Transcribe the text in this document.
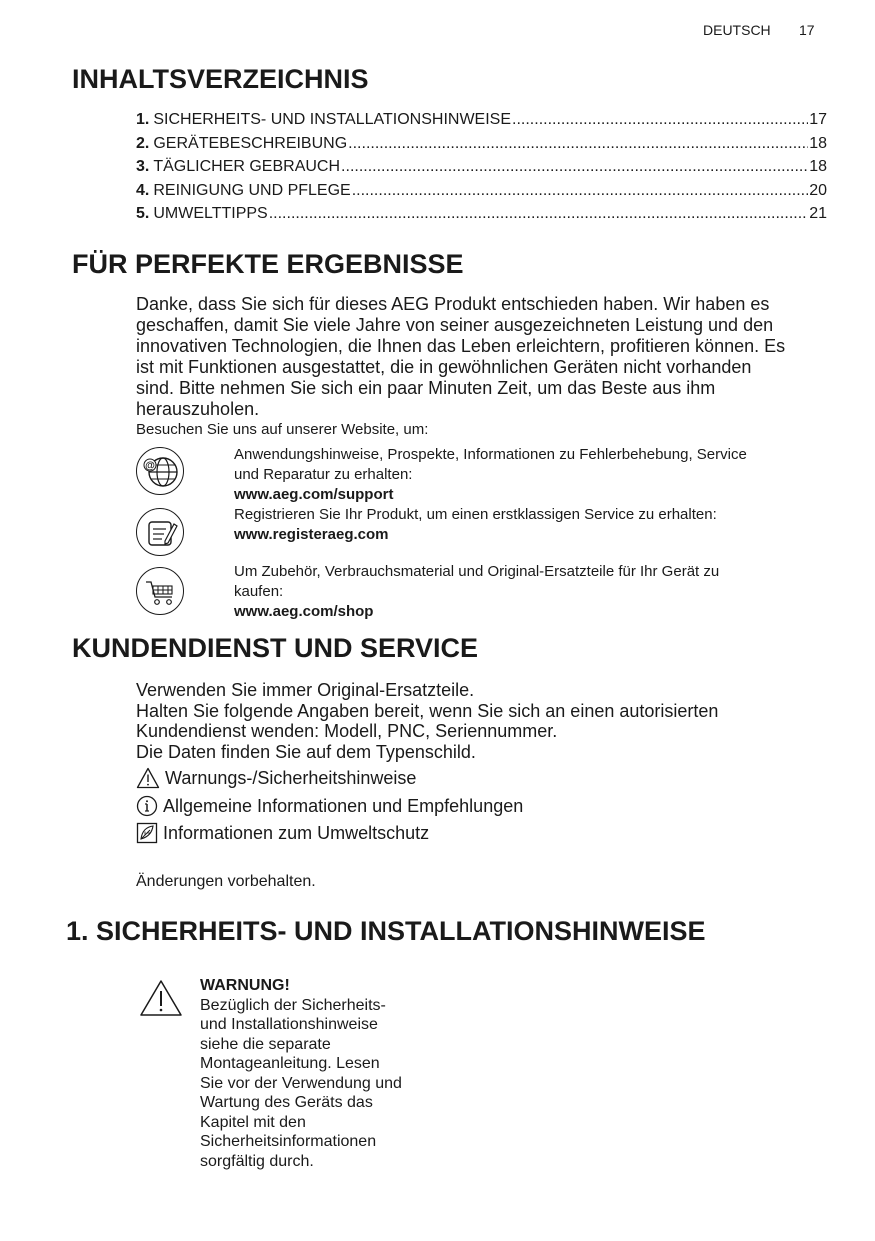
DEUTSCH 17
INHALTSVERZEICHNIS
1. SICHERHEITS- UND INSTALLATIONSHINWEISE .....	17
2. GERÄTEBESCHREIBUNG .....	18
3. TÄGLICHER GEBRAUCH .....	18
4. REINIGUNG UND PFLEGE .....	20
5. UMWELTTIPPS .....	21
FÜR PERFEKTE ERGEBNISSE
Danke, dass Sie sich für dieses AEG Produkt entschieden haben. Wir haben es
geschaffen, damit Sie viele Jahre von seiner ausgezeichneten Leistung und den
innovativen Technologien, die Ihnen das Leben erleichtern, profitieren können. Es
ist mit Funktionen ausgestattet, die in gewöhnlichen Geräten nicht vorhanden
sind. Bitte nehmen Sie sich ein paar Minuten Zeit, um das Beste aus ihm
herauszuholen.
Besuchen Sie uns auf unserer Website, um:
@
Anwendungshinweise, Prospekte, Informationen zu Fehlerbehebung, Service
und Reparatur zu erhalten:
www.aeg.com/support
Registrieren Sie Ihr Produkt, um einen erstklassigen Service zu erhalten:
www.registeraeg.com
Um Zubehör, Verbrauchsmaterial und Original-Ersatzteile für Ihr Gerät zu
kaufen:
www.aeg.com/shop
KUNDENDIENST UND SERVICE
Verwenden Sie immer Original-Ersatzteile.
Halten Sie folgende Angaben bereit, wenn Sie sich an einen autorisierten
Kundendienst wenden: Modell, PNC, Seriennummer.
Die Daten finden Sie auf dem Typenschild.
Warnungs-/Sicherheitshinweise
Allgemeine Informationen und Empfehlungen
Informationen zum Umweltschutz
Änderungen vorbehalten.
1. SICHERHEITS- UND INSTALLATIONSHINWEISE
WARNUNG!
Bezüglich der Sicherheits-
und Installationshinweise
siehe die separate
Montageanleitung. Lesen
Sie vor der Verwendung und
Wartung des Geräts das
Kapitel mit den
Sicherheitsinformationen
sorgfältig durch.
